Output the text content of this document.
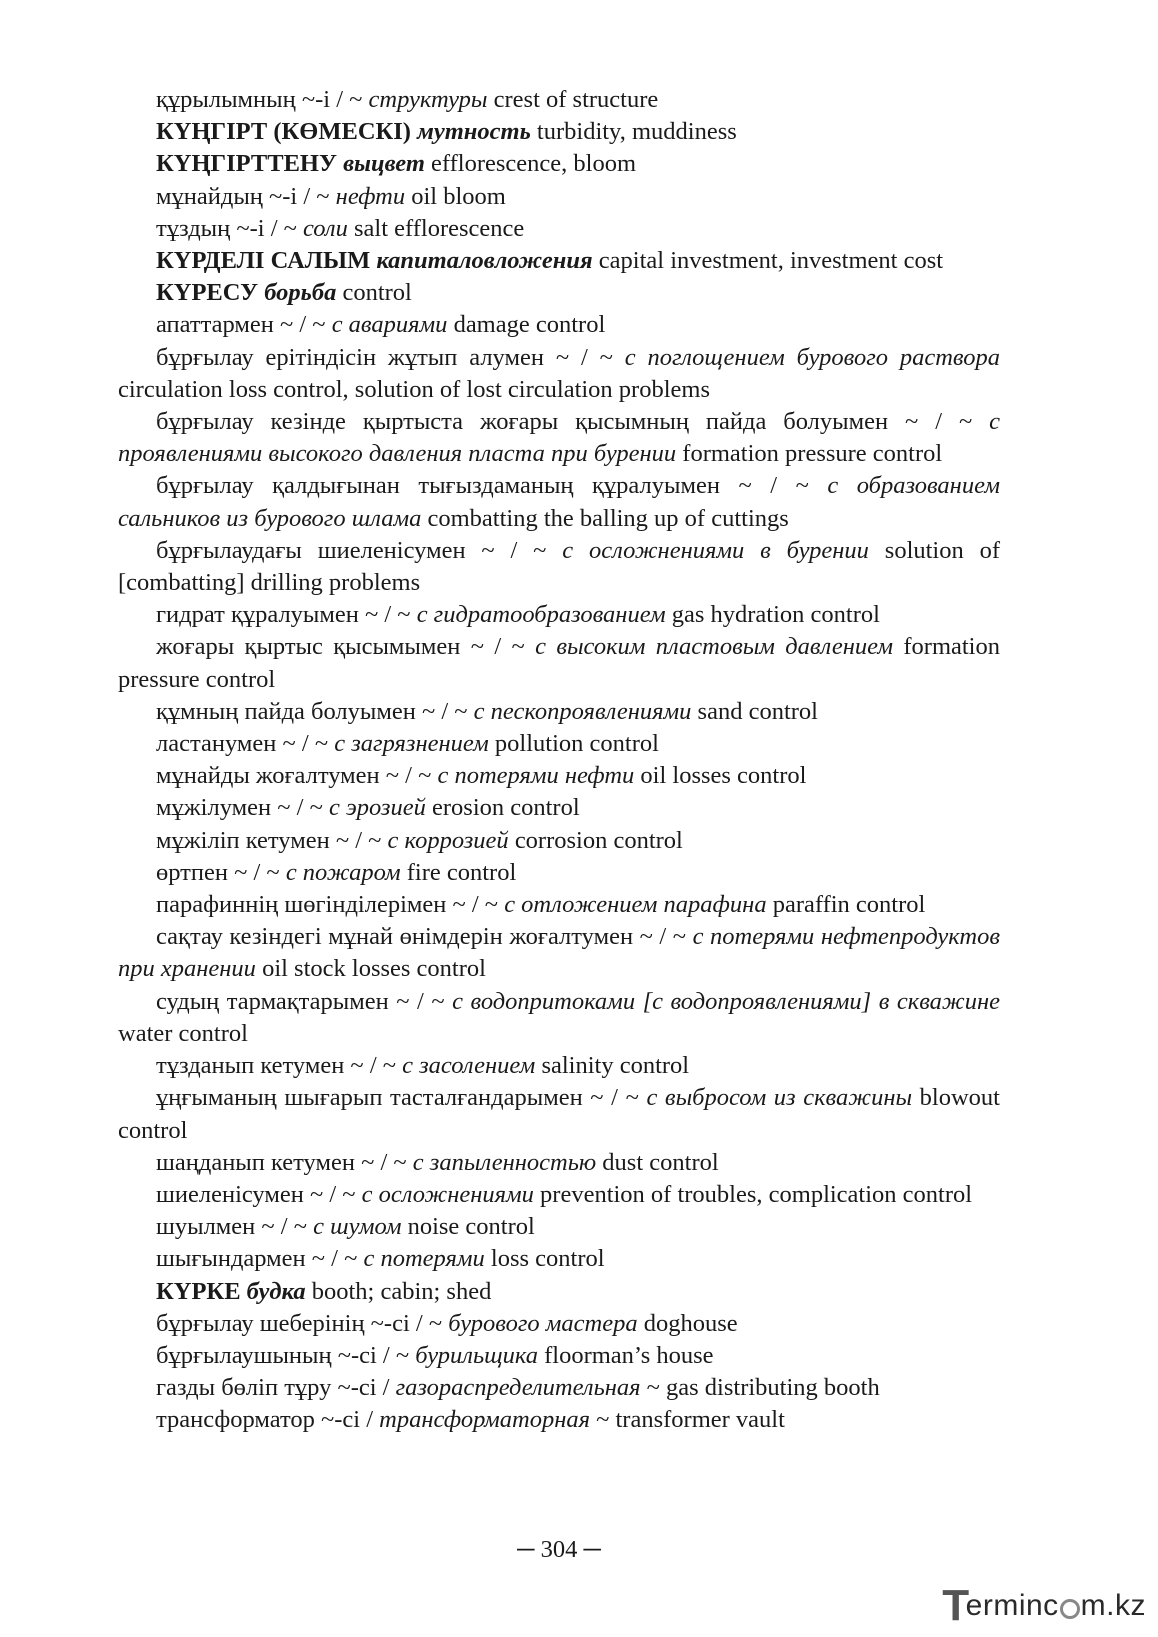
құрылымның ~-і / ~ структуры crest of structure

КҮҢГІРТ (КӨМЕСКІ) мутность turbidity, muddiness

КҮҢГІРТТЕНУ выцвет efflorescence, bloom

мұнайдың ~-і / ~ нефти oil bloom

тұздың ~-і / ~ соли salt efflorescence

КҮРДЕЛІ САЛЫМ капиталовложения capital investment, investment cost

КҮРЕСУ борьба control

апаттармен ~ / ~ с авариями damage control

бұрғылау ерітіндісін жұтып алумен ~ / ~ с поглощением бурового раствора circulation loss control, solution of lost circulation problems

бұрғылау кезінде қыртыста жоғары қысымның пайда болуымен ~ / ~ с проявлениями высокого давления пласта при бурении formation pressure control

бұрғылау қалдығынан тығыздаманың құралуымен ~ / ~ с образованием сальников из бурового шлама combatting the balling up of cuttings

бұрғылаудағы шиеленісумен ~ / ~ с осложнениями в бурении solution of [combatting] drilling problems

гидрат құралуымен ~ / ~ с гидратообразованием gas hydration control

жоғары қыртыс қысымымен ~ / ~ с высоким пластовым давлением formation pressure control

құмның пайда болуымен ~ / ~ с пескопроявлениями sand control

ластанумен ~ / ~ с загрязнением pollution control

мұнайды жоғалтумен ~ / ~ с потерями нефти oil losses control

мұжілумен ~ / ~ с эрозией erosion control

мұжіліп кетумен ~ / ~ с коррозией corrosion control

өртпен ~ / ~ с пожаром fire control

парафиннің шөгінділерімен ~ / ~ с отложением парафина paraffin control

сақтау кезіндегі мұнай өнімдерін жоғалтумен ~ / ~ с потерями нефтепродуктов при хранении oil stock losses control

судың тармақтарымен ~ / ~ с водопритоками [с водопроявлениями] в скважине water control

тұзданып кетумен ~ / ~ с засолением salinity control

ұңғыманың шығарып тасталғандарымен ~ / ~ с выбросом из скважины blowout control

шаңданып кетумен ~ / ~ с запыленностью dust control

шиеленісумен ~ / ~ с осложнениями prevention of troubles, complication control

шуылмен ~ / ~ с шумом noise control

шығындармен ~ / ~ с потерями loss control

КҮРКЕ будка booth; cabin; shed

бұрғылау шеберінің ~-сі / ~ бурового мастера doghouse

бұрғылаушының ~-сі / ~ бурильщика floorman’s house

газды бөліп тұру ~-сі / газораспределительная ~ gas distributing booth

трансформатор ~-сі / трансформаторная ~ transformer vault

─ 304 ─
T
ermin c m.kz
